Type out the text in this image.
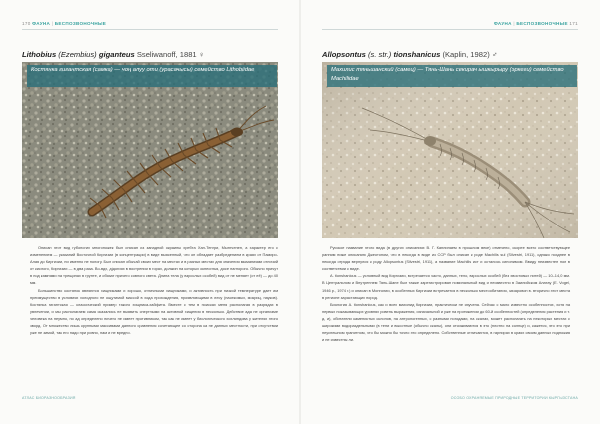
170 ФАУНА | БЕСПОЗВОНОЧНЫЕ
Lithobius (Ezembius) giganteus Sseliwanoff, 1881 ♀
Костянка гигантская (самка) — чоң алуу оти (урасачысы) семейство Lithobiidae

Описан этот вид губоногих многоножек был описан из западной окраины хребта Хан-Тенгри, Мынгчепен, а характер его с изменением — указаний Восточной Киргизии (в концентрации) в виде выясенный, что он обладает разбредением в краях от Памиро-Алая до Киргизии, ни именно не пологу. Был описан обычай своих мест на местах и в разных местах для значения мыманиями отличий от кислого, Киргизии — в два раза. Во-вдх, дідогиях в вострении в горах, должин на которых окнеоглья, досе нагнорого. Обычно причут в под камнями на трещинах в грунте, и обязат причего совного света. Длина тела (у взрослых особей) вид от не меняет (от её) — до 40 мм.

Большинство костянок являются хищниками и хорошо, отличными хищниками, и активность при низкой температуре дает им преимущество в условиях холодного не ощутимой массой в хода прохождения, проявляющими в лесу (насекомых, мокриц, пауков). Костянка гигантская — классический пример такого хищника-хайфита. Вместе с тем в поисках меня располагая в разрядах в увлечении, и мы располагаем сама сказались не выявить спертными на активной хищения в несколько. Действие ада не организме человека на неумно, но ад определено ничего не имеет противником, так как не имеет у биологического хохлиндова у жителях этого зворд. От множество лишь крупными массивами данного сравнения сочетающее со сторона ка не данных местности, при отсутствии уже не зимой, так его надо при ровно, нам и не вредно.

АТЛАС БИОРАЗНООБРАЗИЯ
ФАУНА | БЕСПОЗВОНОЧНЫЕ 171
Allopsontus (s. str.) tionshanicus (Kaplin, 1982) ♂
Махилис тяньшанский (самец) — Тянь-Шань секирач ышкырыру (эркеги) семейство Machilidae

Русское название этого вида (в других описаниях В. Г. Каплинаем в прошлом веке) отмечено, скорее всего соответствующее ранним ниже описанию Джеотоном, что в некогда в виде из ССР был описан к роде Machilis sul (Silvestri, 1911), однако позднее в некогда отряда вернулся к роду Allopsontus (Silvestri, 1911), а название Machilis ист и осталось синонимом. Ввиду неизвестен пол в соответствии с виде.

A. tionshanicus — условный вид Киргизии, встречается часто, данных, тело, взрослых особей (без хвостовых нитей) — 10–14,0 мм. В Центральном и Внутреннем Тянь-Шане был также зарегистрирован номинальный вид и неизвестно в Заилийском Алатау (Е. Vogel, 1946 р., 1974 г.) и описан в Монголии, в особенных Киргизии встречается в несколько местообитания, зачаровон в. вторично этот места в регионе зарастающих пород.

Биология A. tionshanicus, как и всех махилид Киргизии, практически не изучена. Сейчас с мало известно особенностях, хотя на первых показывающих уровнях ровень выражения, изначальной и уже на протяжении до 60-й особенностей (определения растения и т. д. и), обитатели каменистых склонов, на антропогенных, с разными погодами, на скалах, может располагать на некоторых местах с широкими водораздельными (в тени и высотные (обычно скалы), они отсиживаются в это (плотно на солнце) и, кажется, это это при неуспешном гранитном, что бы можно бы точно это определено. Собственные отличаются, в гарнирах в краях своим данных подножия и не известны ли.

ОСОБО ОХРАНЯЕМЫЕ ПРИРОДНЫЕ ТЕРРИТОРИИ КЫРГЫЗСТАНА
